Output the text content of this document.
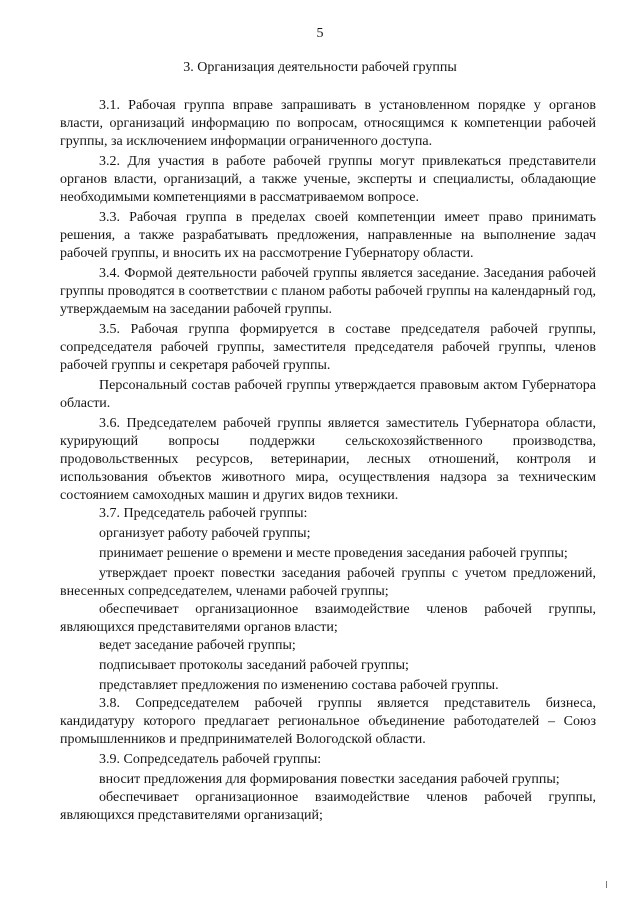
5
3. Организация деятельности рабочей группы

3.1. Рабочая группа вправе запрашивать в установленном порядке у органов власти, организаций информацию по вопросам, относящимся к компетенции рабочей группы, за исключением информации ограниченного доступа.

3.2. Для участия в работе рабочей группы могут привлекаться представители органов власти, организаций, а также ученые, эксперты и специалисты, обладающие необходимыми компетенциями в рассматриваемом вопросе.

3.3. Рабочая группа в пределах своей компетенции имеет право принимать решения, а также разрабатывать предложения, направленные на выполнение задач рабочей группы, и вносить их на рассмотрение Губернатору области.

3.4. Формой деятельности рабочей группы является заседание. Заседания рабочей группы проводятся в соответствии с планом работы рабочей группы на календарный год, утверждаемым на заседании рабочей группы.

3.5. Рабочая группа формируется в составе председателя рабочей группы, сопредседателя рабочей группы, заместителя председателя рабочей группы, членов рабочей группы и секретаря рабочей группы.

Персональный состав рабочей группы утверждается правовым актом Губернатора области.

3.6. Председателем рабочей группы является заместитель Губернатора области, курирующий вопросы поддержки сельскохозяйственного производства, продовольственных ресурсов, ветеринарии, лесных отношений, контроля и использования объектов животного мира, осуществления надзора за техническим состоянием самоходных машин и других видов техники.

3.7. Председатель рабочей группы:

организует работу рабочей группы;

принимает решение о времени и месте проведения заседания рабочей группы;

утверждает проект повестки заседания рабочей группы с учетом предложений, внесенных сопредседателем, членами рабочей группы;

обеспечивает организационное взаимодействие членов рабочей группы, являющихся представителями органов власти;

ведет заседание рабочей группы;

подписывает протоколы заседаний рабочей группы;

представляет предложения по изменению состава рабочей группы.

3.8. Сопредседателем рабочей группы является представитель бизнеса, кандидатуру которого предлагает региональное объединение работодателей – Союз промышленников и предпринимателей Вологодской области.

3.9. Сопредседатель рабочей группы:

вносит предложения для формирования повестки заседания рабочей группы;

обеспечивает организационное взаимодействие членов рабочей группы, являющихся представителями организаций;
